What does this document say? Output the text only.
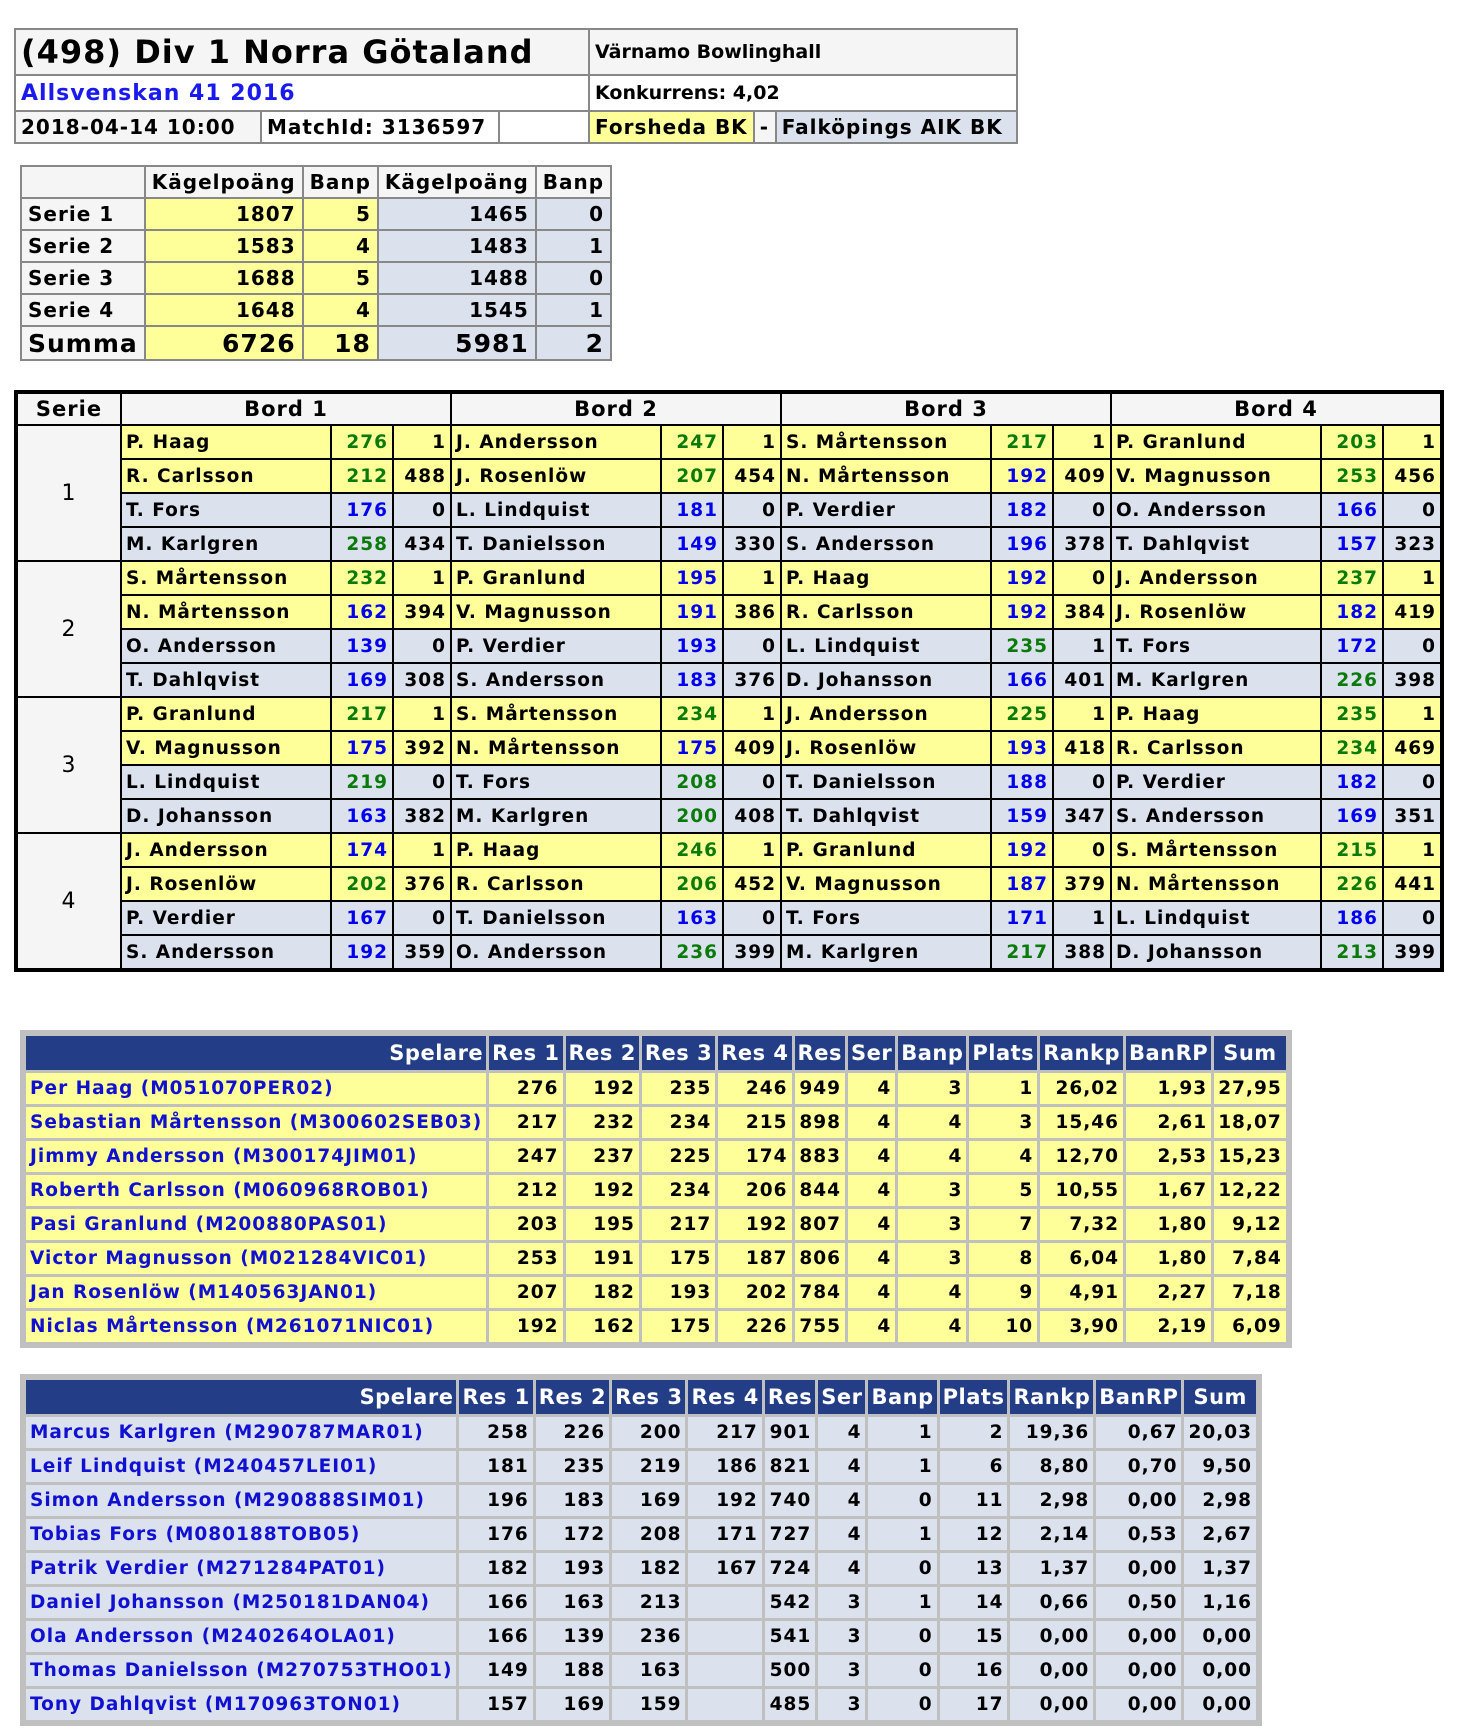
(498) Div 1 Norra Götaland			Värnamo Bowlinghall		
Allsvenskan 41 2016			Konkurrens: 4,02		
2018-04-14 10:00	MatchId: 3136597		Forsheda BK	-	Falköpings AIK BK
	Kägelpoäng	Banp	Kägelpoäng	Banp
Serie 1	1807	5	1465	0
Serie 2	1583	4	1483	1
Serie 3	1688	5	1488	0
Serie 4	1648	4	1545	1
Summa	6726	18	5981	2
Serie	Bord 1			Bord 2			Bord 3			Bord 4		
1	P. Haag	276	1	J. Andersson	247	1	S. Mårtensson	217	1	P. Granlund	203	1
	R. Carlsson	212	488	J. Rosenlöw	207	454	N. Mårtensson	192	409	V. Magnusson	253	456
	T. Fors	176	0	L. Lindquist	181	0	P. Verdier	182	0	O. Andersson	166	0
	M. Karlgren	258	434	T. Danielsson	149	330	S. Andersson	196	378	T. Dahlqvist	157	323
2	S. Mårtensson	232	1	P. Granlund	195	1	P. Haag	192	0	J. Andersson	237	1
	N. Mårtensson	162	394	V. Magnusson	191	386	R. Carlsson	192	384	J. Rosenlöw	182	419
	O. Andersson	139	0	P. Verdier	193	0	L. Lindquist	235	1	T. Fors	172	0
	T. Dahlqvist	169	308	S. Andersson	183	376	D. Johansson	166	401	M. Karlgren	226	398
3	P. Granlund	217	1	S. Mårtensson	234	1	J. Andersson	225	1	P. Haag	235	1
	V. Magnusson	175	392	N. Mårtensson	175	409	J. Rosenlöw	193	418	R. Carlsson	234	469
	L. Lindquist	219	0	T. Fors	208	0	T. Danielsson	188	0	P. Verdier	182	0
	D. Johansson	163	382	M. Karlgren	200	408	T. Dahlqvist	159	347	S. Andersson	169	351
4	J. Andersson	174	1	P. Haag	246	1	P. Granlund	192	0	S. Mårtensson	215	1
	J. Rosenlöw	202	376	R. Carlsson	206	452	V. Magnusson	187	379	N. Mårtensson	226	441
	P. Verdier	167	0	T. Danielsson	163	0	T. Fors	171	1	L. Lindquist	186	0
	S. Andersson	192	359	O. Andersson	236	399	M. Karlgren	217	388	D. Johansson	213	399
Spelare	Res 1	Res 2	Res 3	Res 4	Res	Ser	Banp	Plats	Rankp	BanRP	Sum
Per Haag (M051070PER02)	276	192	235	246	949	4	3	1	26,02	1,93	27,95
Sebastian Mårtensson (M300602SEB03)	217	232	234	215	898	4	4	3	15,46	2,61	18,07
Jimmy Andersson (M300174JIM01)	247	237	225	174	883	4	4	4	12,70	2,53	15,23
Roberth Carlsson (M060968ROB01)	212	192	234	206	844	4	3	5	10,55	1,67	12,22
Pasi Granlund (M200880PAS01)	203	195	217	192	807	4	3	7	7,32	1,80	9,12
Victor Magnusson (M021284VIC01)	253	191	175	187	806	4	3	8	6,04	1,80	7,84
Jan Rosenlöw (M140563JAN01)	207	182	193	202	784	4	4	9	4,91	2,27	7,18
Niclas Mårtensson (M261071NIC01)	192	162	175	226	755	4	4	10	3,90	2,19	6,09
Spelare	Res 1	Res 2	Res 3	Res 4	Res	Ser	Banp	Plats	Rankp	BanRP	Sum
Marcus Karlgren (M290787MAR01)	258	226	200	217	901	4	1	2	19,36	0,67	20,03
Leif Lindquist (M240457LEI01)	181	235	219	186	821	4	1	6	8,80	0,70	9,50
Simon Andersson (M290888SIM01)	196	183	169	192	740	4	0	11	2,98	0,00	2,98
Tobias Fors (M080188TOB05)	176	172	208	171	727	4	1	12	2,14	0,53	2,67
Patrik Verdier (M271284PAT01)	182	193	182	167	724	4	0	13	1,37	0,00	1,37
Daniel Johansson (M250181DAN04)	166	163	213		542	3	1	14	0,66	0,50	1,16
Ola Andersson (M240264OLA01)	166	139	236		541	3	0	15	0,00	0,00	0,00
Thomas Danielsson (M270753THO01)	149	188	163		500	3	0	16	0,00	0,00	0,00
Tony Dahlqvist (M170963TON01)	157	169	159		485	3	0	17	0,00	0,00	0,00
